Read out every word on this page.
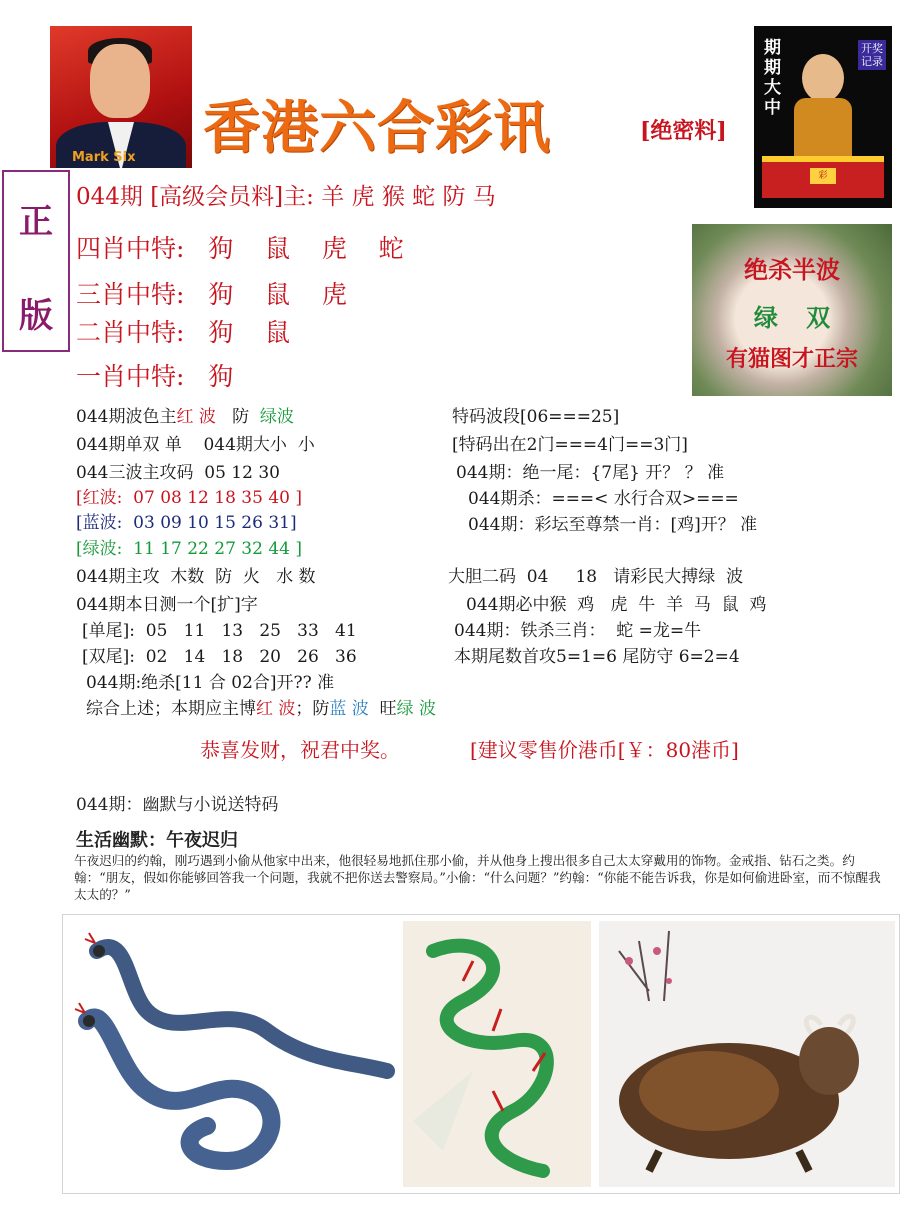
Mark Six 香港六合彩讯	[绝密料]
期期大中
开奖记录
彩
正
版
044期 [高级会员料]主: 羊 虎 猴 蛇 防 马
四肖中特:   狗    鼠    虎    蛇
三肖中特:   狗    鼠    虎
二肖中特:   狗    鼠
一肖中特:   狗
绝杀半波
绿 双
有猫图才正宗
044期波色主红 波   防  绿波
044期单双 单    044期大小  小
044三波主攻码  05 12 30
[红波:  07 08 12 18 35 40 ]
[蓝波:  03 09 10 15 26 31]
[绿波:  11 17 22 27 32 44 ]
044期主攻  木数  防  火   水 数
044期本日测一个[扩]字
[单尾]:  05   11   13   25   33   41
[双尾]:  02   14   18   20   26   36
044期:绝杀[11 合 02合]开?? 准
综合上述；本期应主博红 波；防蓝 波  旺绿 波
特码波段[06===25]
[特码出在2门===4门==3门]
044期：绝一尾：{7尾} 开？ ？ 准
044期杀：===< 水行合双>===
044期：彩坛至尊禁一肖：[鸡]开？ 准
大胆二码  04     18   请彩民大搏绿  波
044期必中猴  鸡   虎  牛  羊  马  鼠  鸡
044期：铁杀三肖：  蛇 =龙=牛
本期尾数首攻5=1=6 尾防守 6=2=4
恭喜发财，祝君中奖。	[建议零售价港币[￥：80港币]
044期：幽默与小说送特码
生活幽默：午夜迟归
午夜迟归的约翰，刚巧遇到小偷从他家中出来，他很轻易地抓住那小偷，并从他身上搜出很多自己太太穿戴用的饰物。金戒指、钻石之类。约翰：“朋友，假如你能够回答我一个问题，我就不把你送去警察局。”小偷：“什么问题？”约翰：“你能不能告诉我，你是如何偷进卧室，而不惊醒我太太的？”
